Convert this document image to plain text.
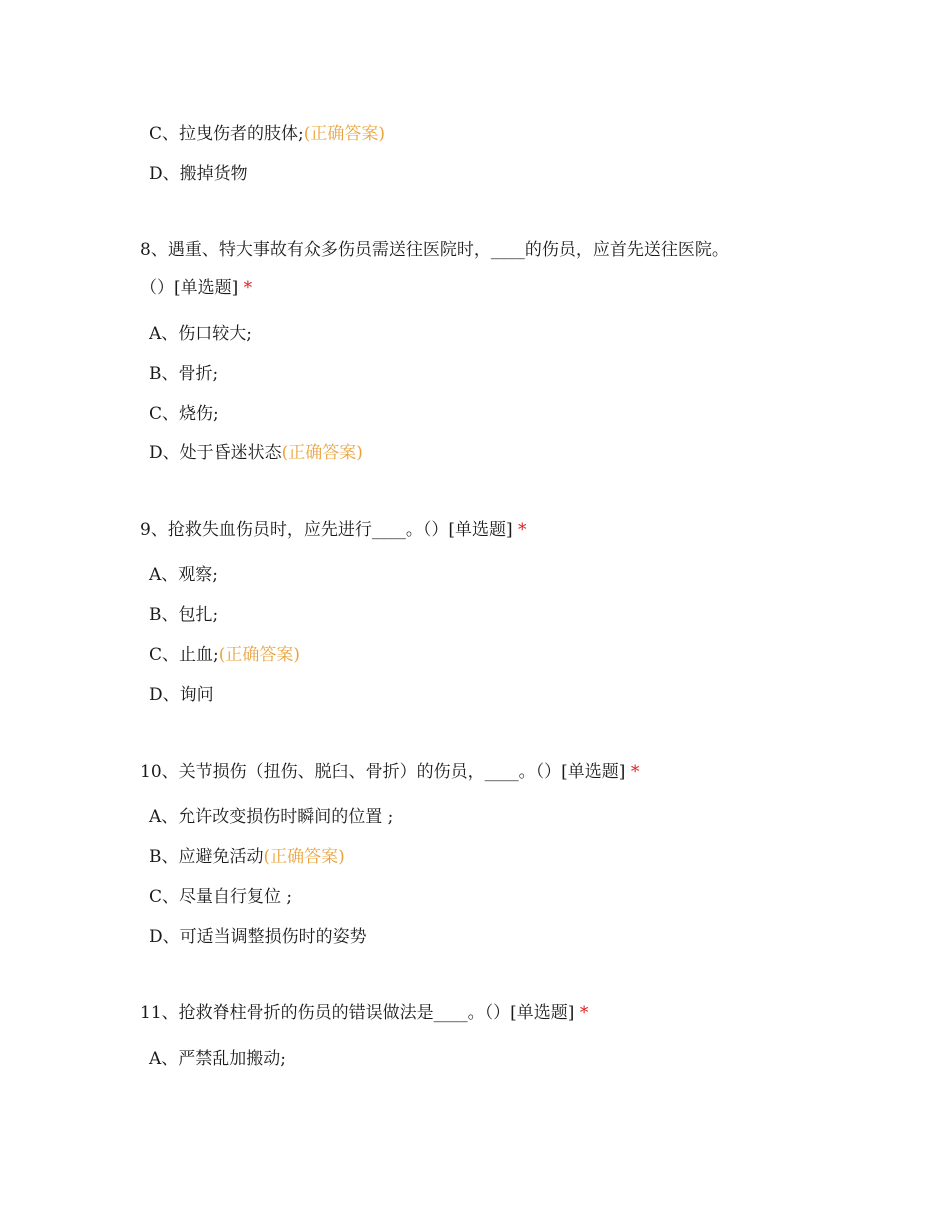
C、拉曳伤者的肢体;(正确答案)
D、搬掉货物
8、遇重、特大事故有众多伤员需送往医院时，____的伤员，应首先送往医院。
（）[单选题] *
A、伤口较大;
B、骨折;
C、烧伤;
D、处于昏迷状态(正确答案)
9、抢救失血伤员时，应先进行____。（）[单选题] *
A、观察;
B、包扎;
C、止血;(正确答案)
D、询问
10、关节损伤（扭伤、脱臼、骨折）的伤员，____。（）[单选题] *
A、允许改变损伤时瞬间的位置 ;
B、应避免活动(正确答案)
C、尽量自行复位 ;
D、可适当调整损伤时的姿势
11、抢救脊柱骨折的伤员的错误做法是____。（）[单选题] *
A、严禁乱加搬动;
